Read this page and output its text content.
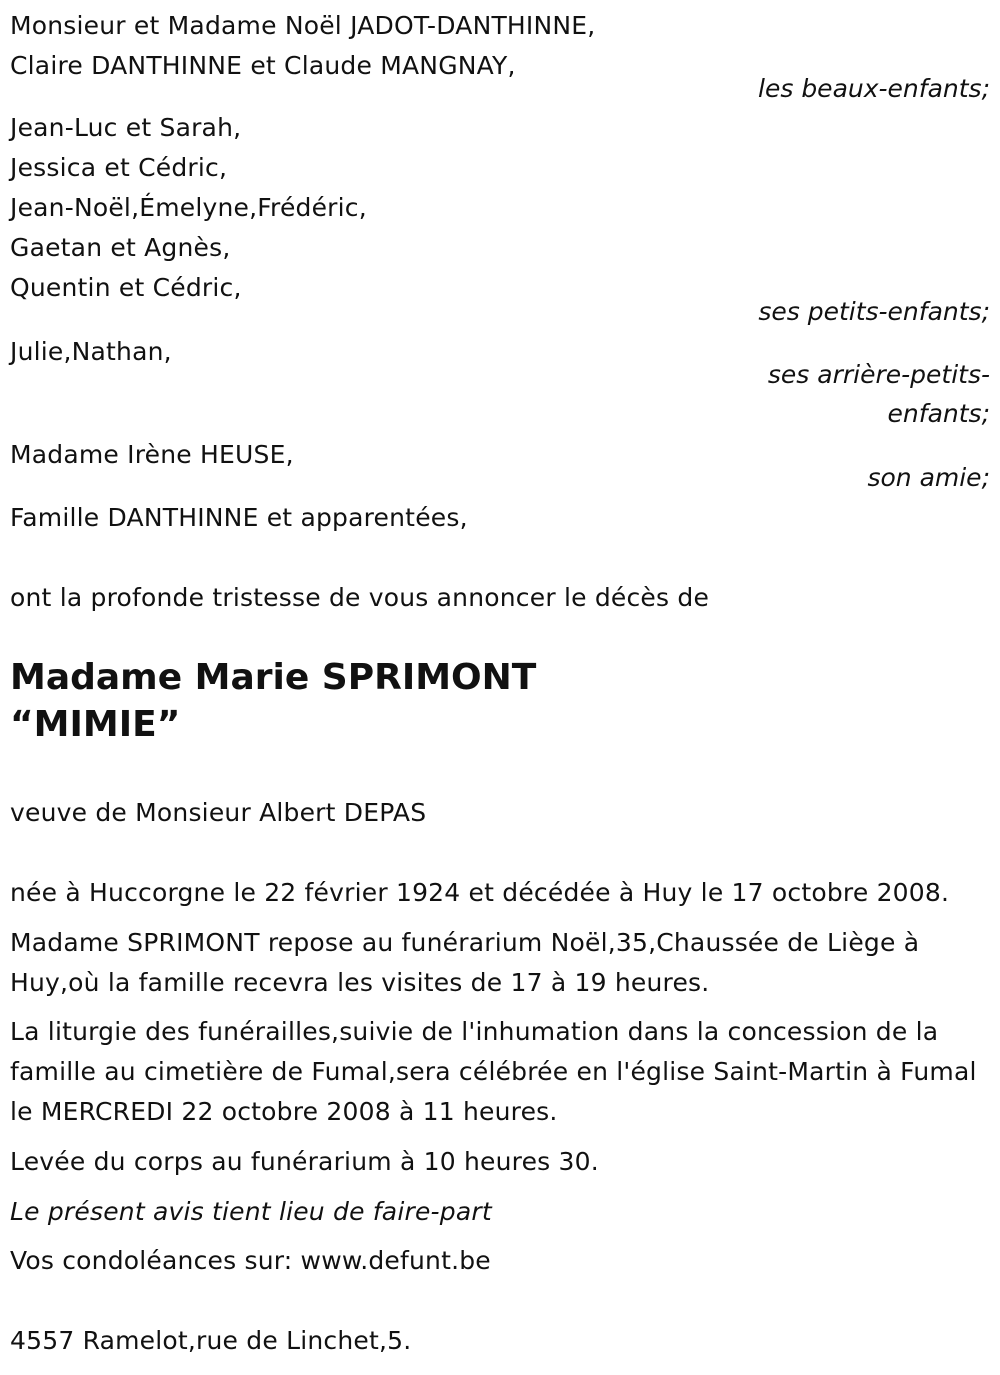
Monsieur et Madame Noël JADOT-DANTHINNE,
Claire DANTHINNE et Claude MANGNAY,
les beaux-enfants;
Jean-Luc et Sarah,
Jessica et Cédric,
Jean-Noël,Émelyne,Frédéric,
Gaetan et Agnès,
Quentin et Cédric,
ses petits-enfants;
Julie,Nathan,
ses arrière-petits-
enfants;
Madame Irène HEUSE,
son amie;
Famille DANTHINNE et apparentées,
ont la profonde tristesse de vous annoncer le décès de
Madame Marie SPRIMONT
“MIMIE”
veuve de Monsieur Albert DEPAS
née à Huccorgne le 22 février 1924 et décédée à Huy le 17 octobre 2008.
Madame SPRIMONT repose au funérarium Noël,35,Chaussée de Liège à Huy,où la famille recevra les visites de 17 à 19 heures.
La liturgie des funérailles,suivie de l'inhumation dans la concession de la famille au cimetière de Fumal,sera célébrée en l'église Saint-Martin à Fumal le MERCREDI 22 octobre 2008 à 11 heures.
Levée du corps au funérarium à 10 heures 30.
Le présent avis tient lieu de faire-part
Vos condoléances sur: www.defunt.be
4557 Ramelot,rue de Linchet,5.
